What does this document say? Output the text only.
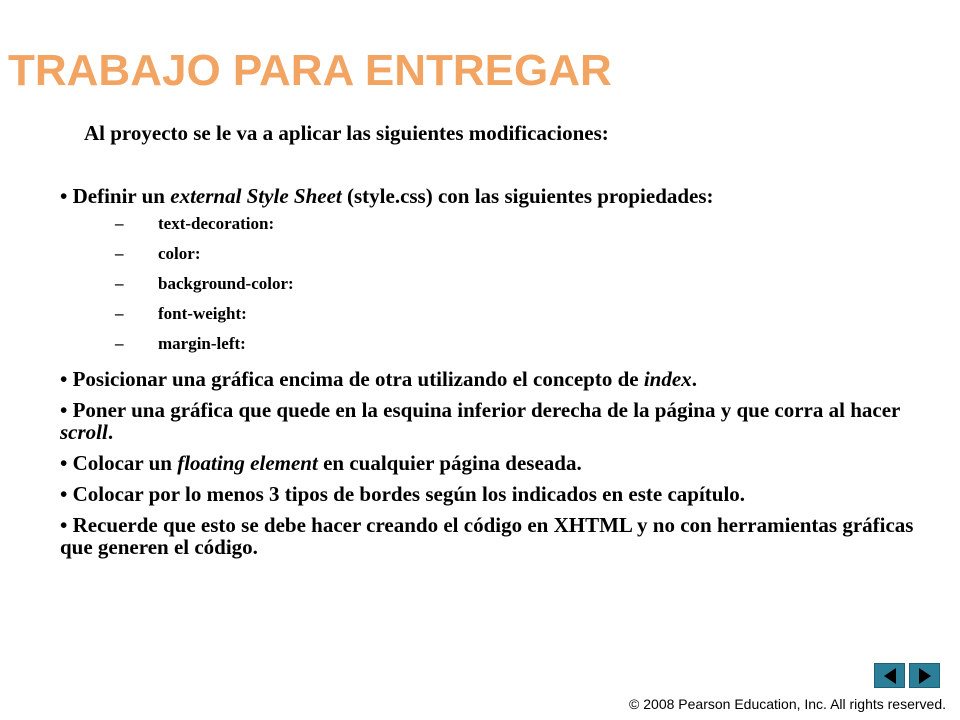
TRABAJO PARA ENTREGAR

Al proyecto se le va a aplicar las siguientes modificaciones:

• Definir un external Style Sheet (style.css) con las siguientes propiedades:

– text-decoration:
– color:
– background-color:
– font-weight:
– margin-left:

• Posicionar una gráfica encima de otra utilizando el concepto de index.

• Poner una gráfica que quede en la esquina inferior derecha de la página y que corra al hacer scroll.

• Colocar un floating element en cualquier página deseada.

• Colocar por lo menos 3 tipos de bordes según los indicados en este capítulo.

• Recuerde que esto se debe hacer creando el código en XHTML y no con herramientas gráficas que generen el código.

© 2008 Pearson Education, Inc. All rights reserved.
